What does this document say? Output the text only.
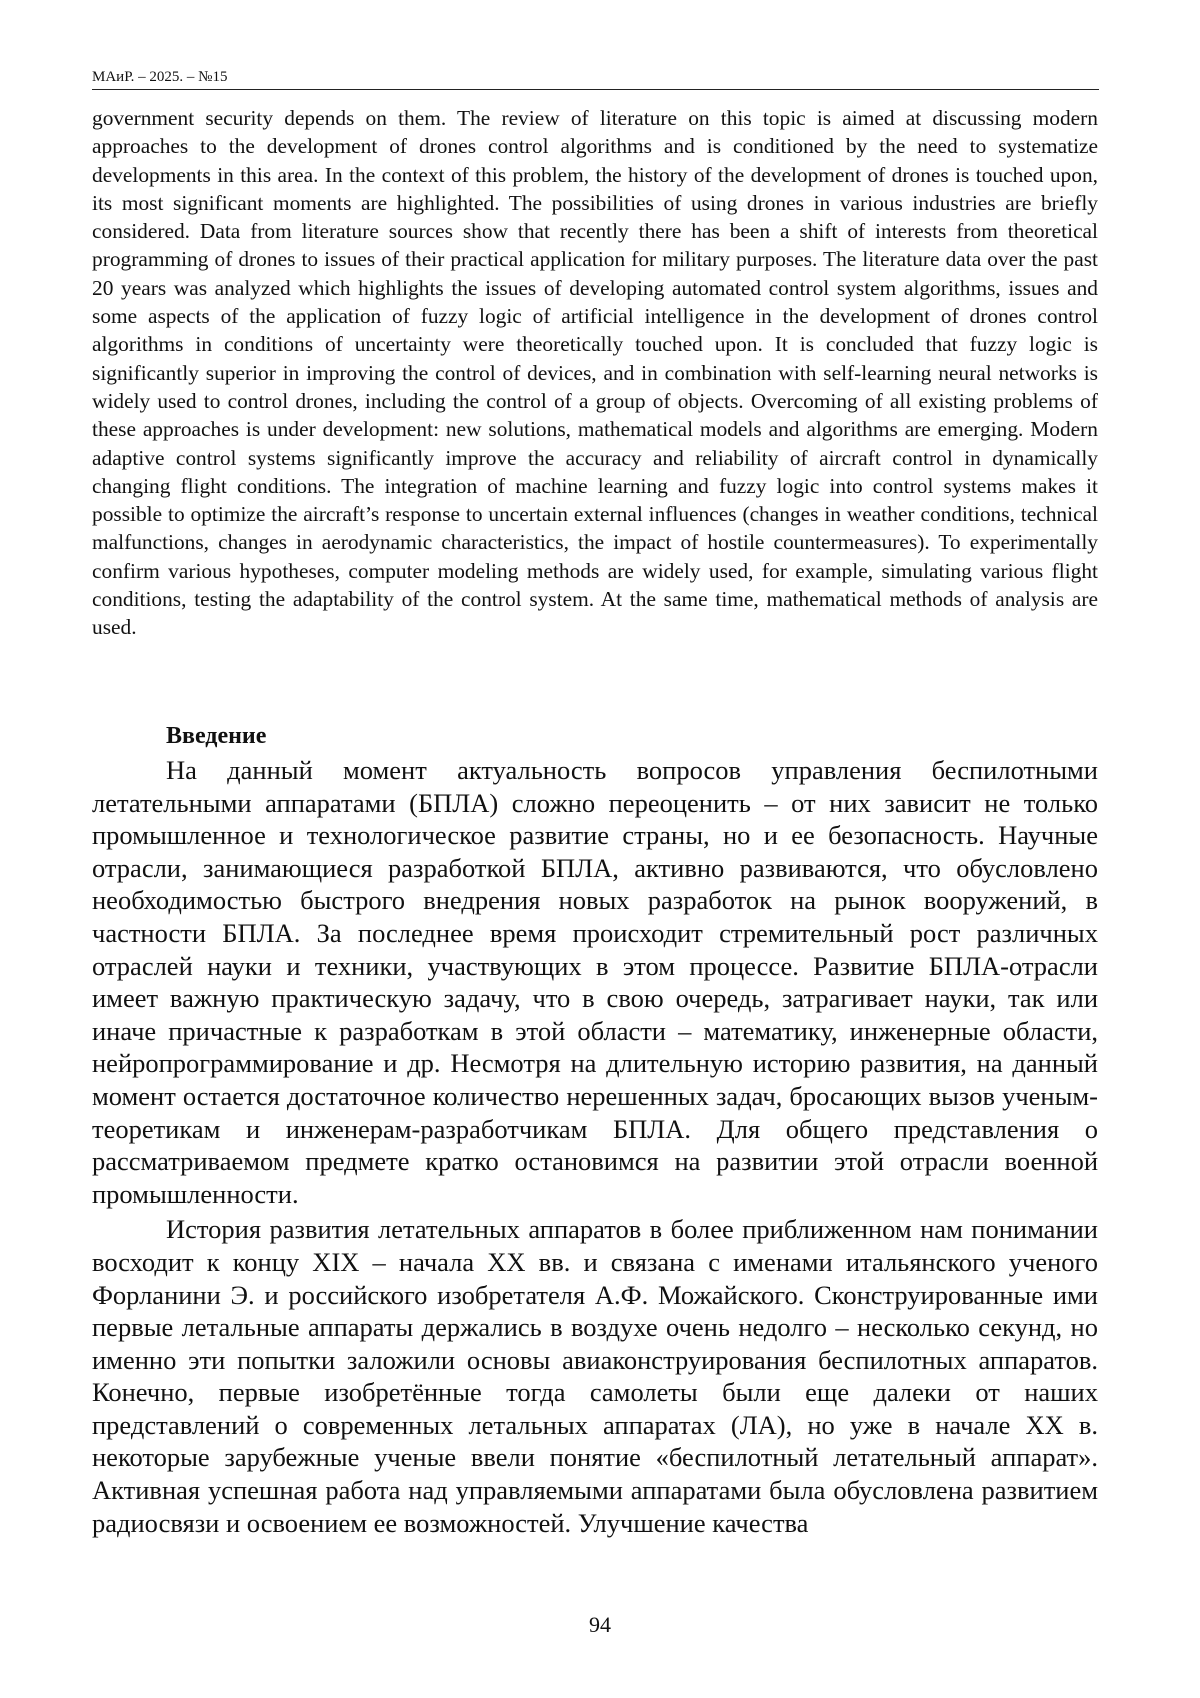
МАиР. – 2025. – №15

government security depends on them. The review of literature on this topic is aimed at discussing modern approaches to the development of drones control algorithms and is conditioned by the need to systematize developments in this area. In the context of this problem, the history of the development of drones is touched upon, its most significant moments are highlighted. The possibilities of using drones in various industries are briefly considered. Data from literature sources show that recently there has been a shift of interests from theoretical programming of drones to issues of their practical application for military purposes. The literature data over the past 20 years was analyzed which highlights the issues of developing automated control system algorithms, issues and some aspects of the application of fuzzy logic of artificial intelligence in the development of drones control algorithms in conditions of uncertainty were theoretically touched upon. It is concluded that fuzzy logic is significantly superior in improving the control of devices, and in combination with self-learning neural networks is widely used to control drones, including the control of a group of objects. Overcoming of all existing problems of these approaches is under development: new solutions, mathematical models and algorithms are emerging. Modern adaptive control systems significantly improve the accuracy and reliability of aircraft control in dynamically changing flight conditions. The integration of machine learning and fuzzy logic into control systems makes it possible to optimize the aircraft’s response to uncertain external influences (changes in weather conditions, technical malfunctions, changes in aerodynamic characteristics, the impact of hostile countermeasures). To experimentally confirm various hypotheses, computer modeling methods are widely used, for example, simulating various flight conditions, testing the adaptability of the control system. At the same time, mathematical methods of analysis are used.

Введение

На данный момент актуальность вопросов управления беспилотными летательными аппаратами (БПЛА) сложно переоценить – от них зависит не только промышленное и технологическое развитие страны, но и ее безопасность. Научные отрасли, занимающиеся разработкой БПЛА, активно развиваются, что обусловлено необходимостью быстрого внедрения новых разработок на рынок вооружений, в частности БПЛА. За последнее время происходит стремительный рост различных отраслей науки и техники, участвующих в этом процессе. Развитие БПЛА-отрасли имеет важную практическую задачу, что в свою очередь, затрагивает науки, так или иначе причастные к разработкам в этой области – математику, инженерные области, нейропрограммирование и др. Несмотря на длительную историю развития, на данный момент остается достаточное количество нерешенных задач, бросающих вызов ученым-теоретикам и инженерам-разработчикам БПЛА. Для общего представления о рассматриваемом предмете кратко остановимся на развитии этой отрасли военной промышленности.

История развития летательных аппаратов в более приближенном нам понимании восходит к концу XIX – начала XX вв. и связана с именами итальянского ученого Форланини Э. и российского изобретателя А.Ф. Можайского. Сконструированные ими первые летальные аппараты держались в воздухе очень недолго – несколько секунд, но именно эти попытки заложили основы авиаконструирования беспилотных аппаратов. Конечно, первые изобретённые тогда самолеты были еще далеки от наших представлений о современных летальных аппаратах (ЛА), но уже в начале XX в. некоторые зарубежные ученые ввели понятие «беспилотный летательный аппарат». Активная успешная работа над управляемыми аппаратами была обусловлена развитием радиосвязи и освоением ее возможностей. Улучшение качества

94
